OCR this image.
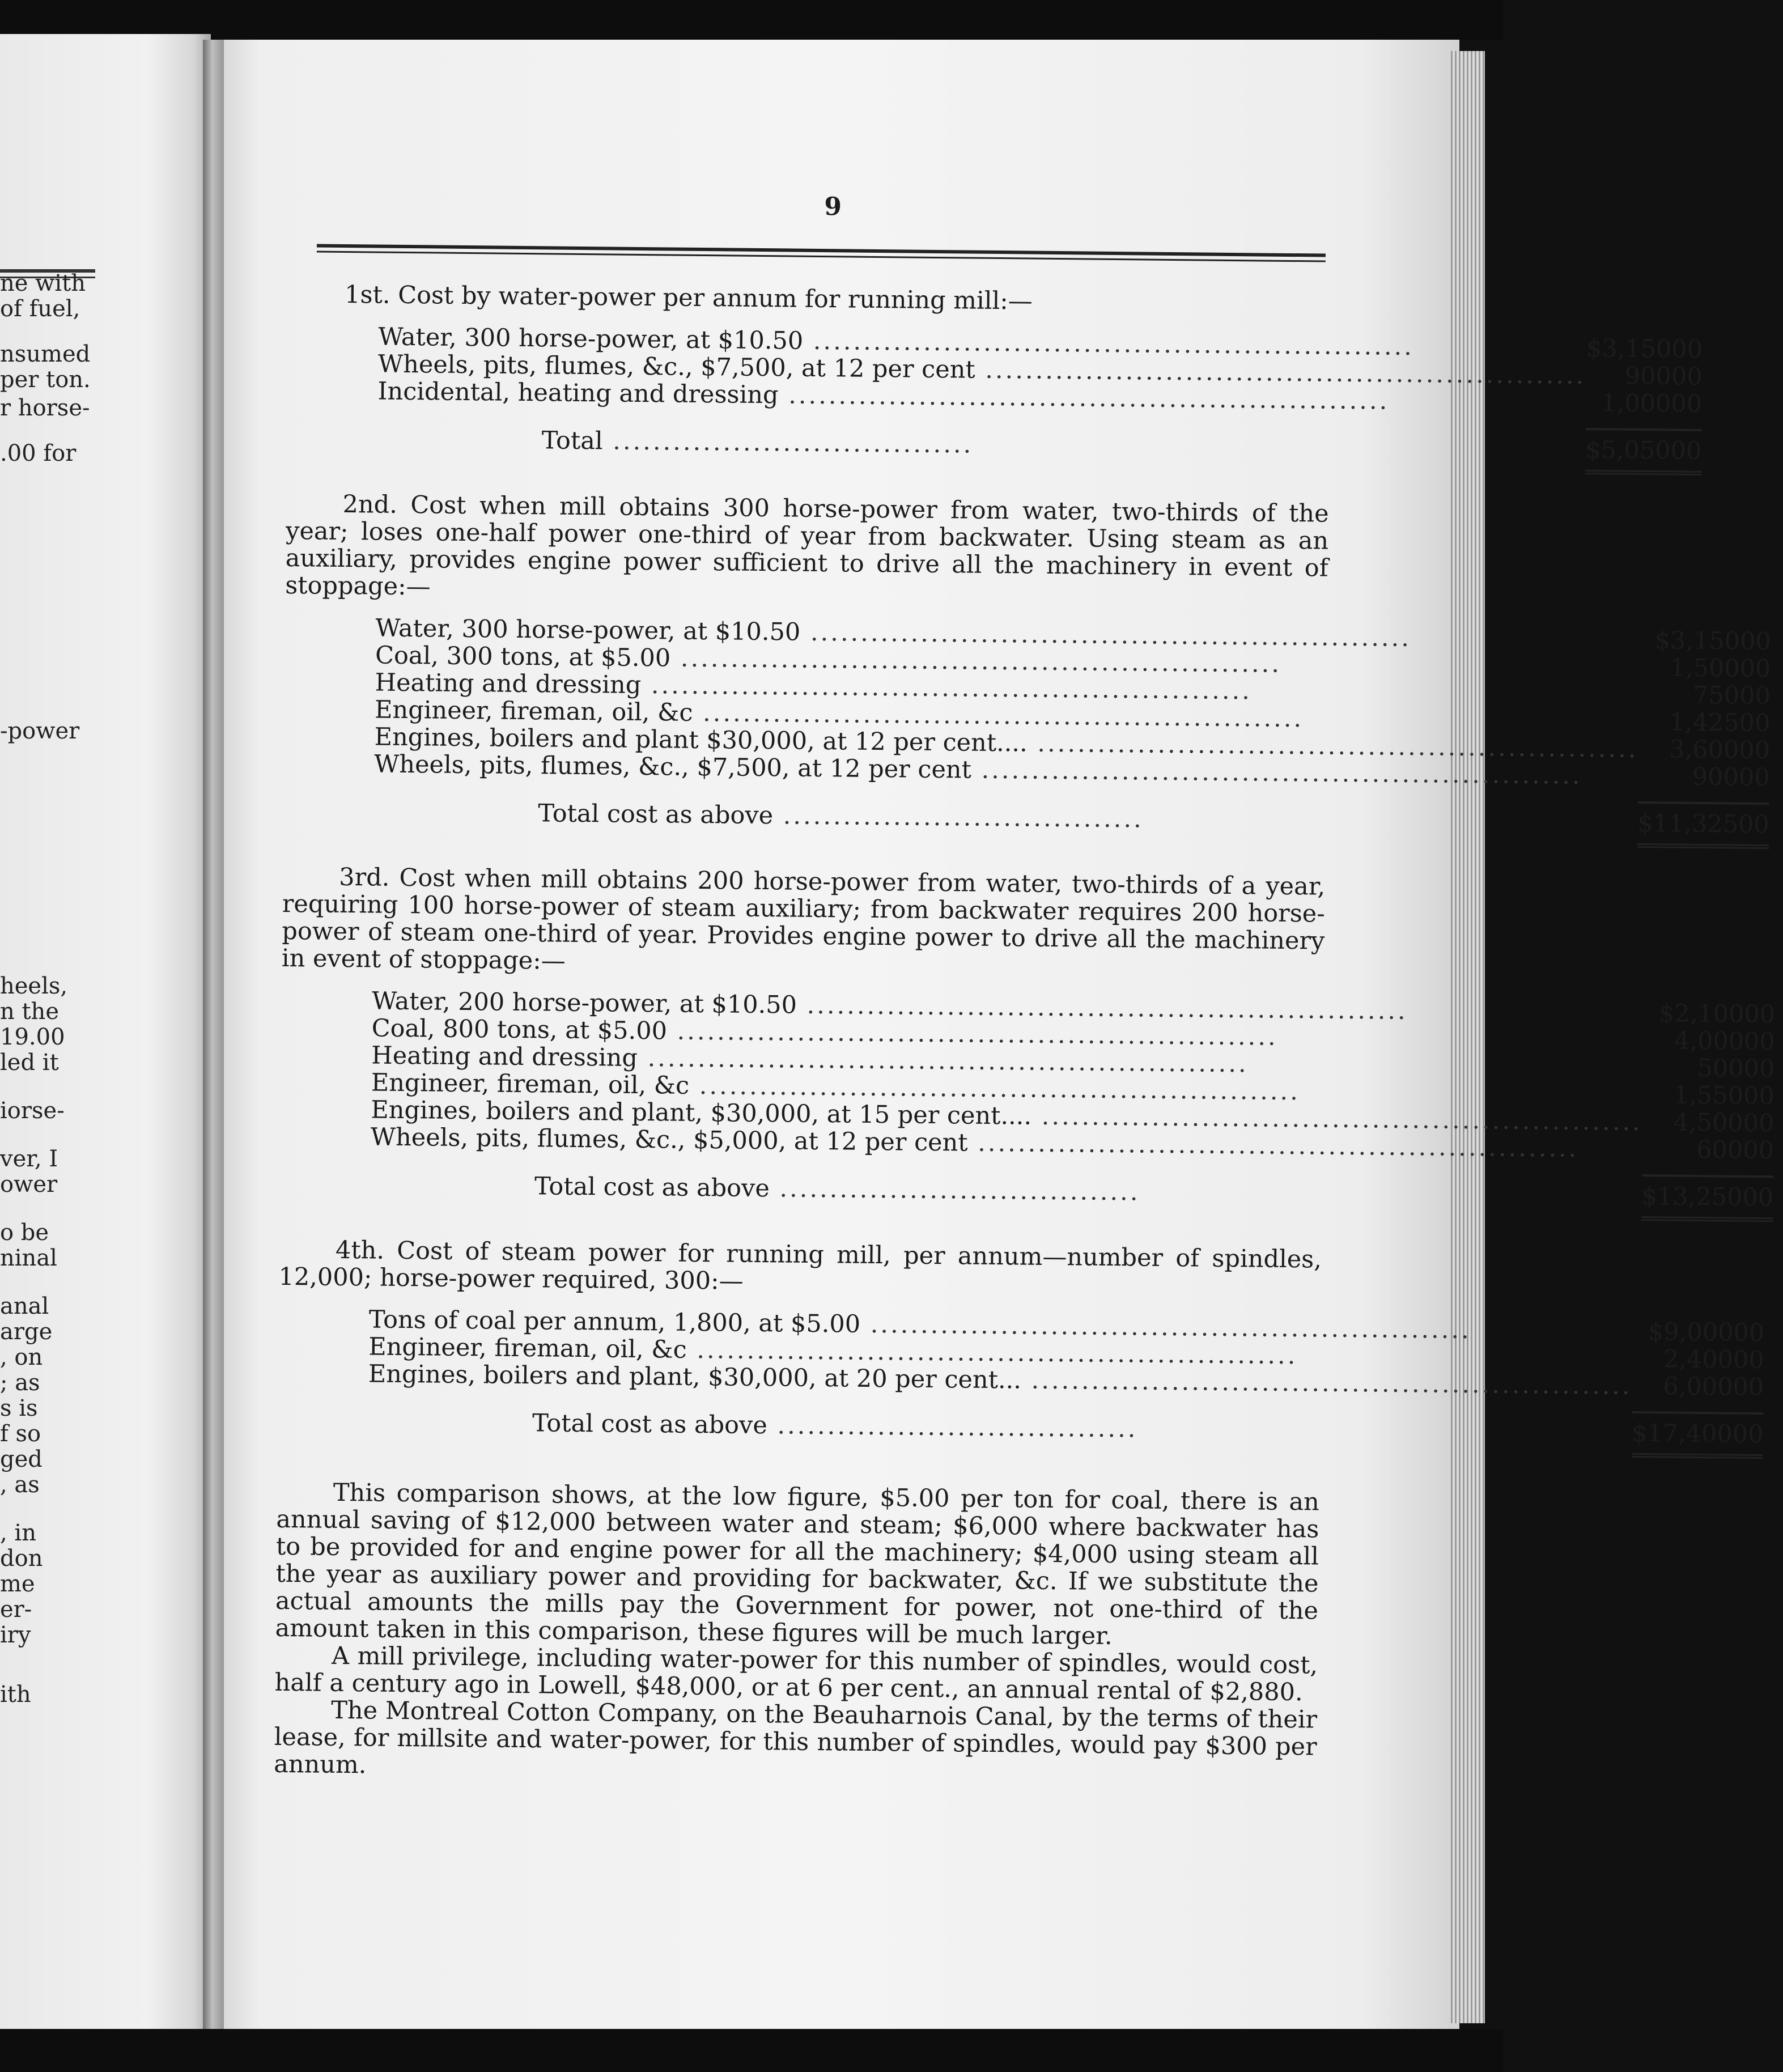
ne with
of fuel,
nsumed
per ton.
r horse-
.00 for
-power
heels,
n the
19.00
led it
iorse-
ver, I
ower
o be
ninal
anal
arge
, on
; as
s is
f so
ged
, as
, in
don
me
er-
iry
ith
9
1st. Cost by water-power per annum for running mill:—
Water, 300 horse-power, at $10.50 ............................................................	$3,150	00
Wheels, pits, flumes, &c., $7,500, at 12 per cent ............................................................	900	00
Incidental, heating and dressing ............................................................	1,000	00

Total ....................................	$5,050	00
2nd. Cost when mill obtains 300 horse-power from water, two-thirds of the year; loses one-half power one-third of year from backwater. Using steam as an auxiliary, provides engine power sufficient to drive all the machinery in event of stoppage:—
Water, 300 horse-power, at $10.50 ............................................................	$3,150	00
Coal, 300 tons, at $5.00 ............................................................	1,500	00
Heating and dressing ............................................................	750	00
Engineer, fireman, oil, &c ............................................................	1,425	00
Engines, boilers and plant $30,000, at 12 per cent.... ............................................................	3,600	00
Wheels, pits, flumes, &c., $7,500, at 12 per cent ............................................................	900	00

Total cost as above ....................................	$11,325	00
3rd. Cost when mill obtains 200 horse-power from water, two-thirds of a year, requiring 100 horse-power of steam auxiliary; from backwater requires 200 horse-power of steam one-third of year. Provides engine power to drive all the machinery in event of stoppage:—
Water, 200 horse-power, at $10.50 ............................................................	$2,100	00
Coal, 800 tons, at $5.00 ............................................................	4,000	00
Heating and dressing ............................................................	500	00
Engineer, fireman, oil, &c ............................................................	1,550	00
Engines, boilers and plant, $30,000, at 15 per cent.... ............................................................	4,500	00
Wheels, pits, flumes, &c., $5,000, at 12 per cent ............................................................	600	00

Total cost as above ....................................	$13,250	00
4th. Cost of steam power for running mill, per annum—number of spindles, 12,000; horse-power required, 300:—
Tons of coal per annum, 1,800, at $5.00 ............................................................	$9,000	00
Engineer, fireman, oil, &c ............................................................	2,400	00
Engines, boilers and plant, $30,000, at 20 per cent... ............................................................	6,000	00

Total cost as above ....................................	$17,400	00
This comparison shows, at the low figure, $5.00 per ton for coal, there is an annual saving of $12,000 between water and steam; $6,000 where backwater has to be provided for and engine power for all the machinery; $4,000 using steam all the year as auxiliary power and providing for backwater, &c. If we substitute the actual amounts the mills pay the Government for power, not one-third of the amount taken in this comparison, these figures will be much larger.
A mill privilege, including water-power for this number of spindles, would cost, half a century ago in Lowell, $48,000, or at 6 per cent., an annual rental of $2,880.
The Montreal Cotton Company, on the Beauharnois Canal, by the terms of their lease, for millsite and water-power, for this number of spindles, would pay $300 per annum.
